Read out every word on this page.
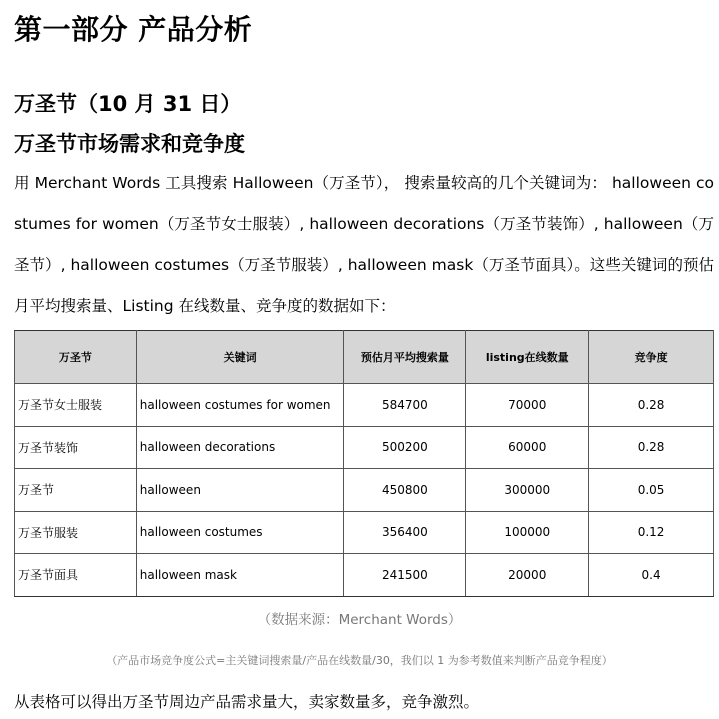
第一部分 产品分析
万圣节（10 月 31 日）
万圣节市场需求和竞争度
用 Merchant Words 工具搜索 Halloween（万圣节）， 搜索量较高的几个关键词为： halloween costumes for women（万圣节女士服装）, halloween decorations（万圣节装饰）, halloween（万圣节）, halloween costumes（万圣节服装）, halloween mask（万圣节面具）。这些关键词的预估月平均搜索量、Listing 在线数量、竞争度的数据如下：
万圣节	关键词	预估月平均搜索量	listing在线数量	竞争度
万圣节女士服装	halloween costumes for women	584700	70000	0.28
万圣节装饰	halloween decorations	500200	60000	0.28
万圣节	halloween	450800	300000	0.05
万圣节服装	halloween costumes	356400	100000	0.12
万圣节面具	halloween mask	241500	20000	0.4
（数据来源：Merchant Words）
（产品市场竞争度公式=主关键词搜索量/产品在线数量/30，我们以 1 为参考数值来判断产品竞争程度）
从表格可以得出万圣节周边产品需求量大，卖家数量多，竞争激烈。
